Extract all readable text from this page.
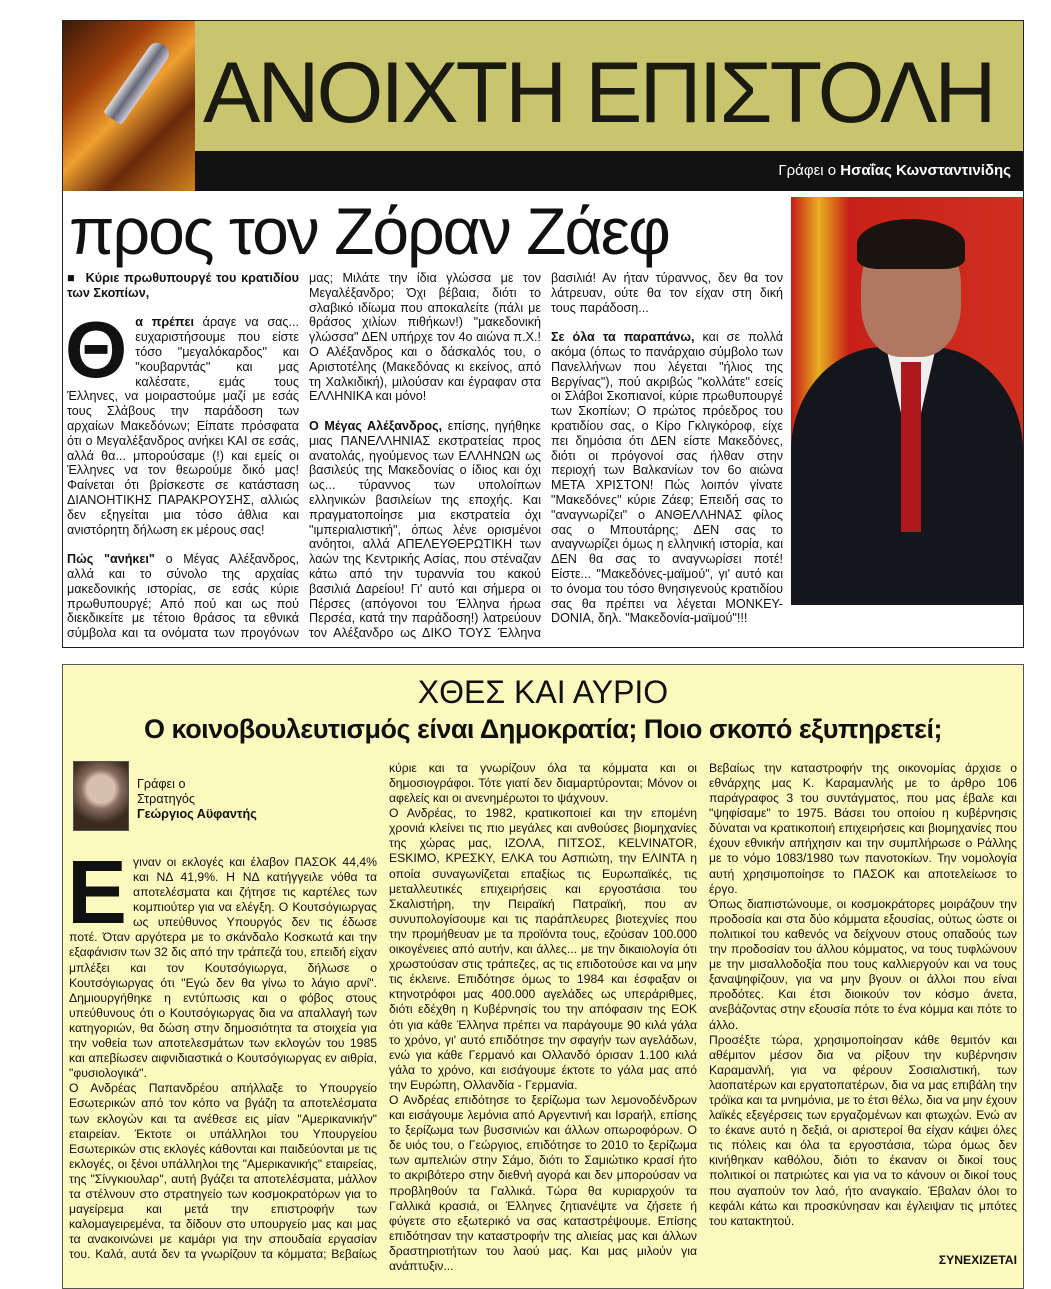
ΑΝΟΙΧΤΗ ΕΠΙΣΤΟΛΗ
Γράφει ο Ησαΐας Κωνσταντινίδης
προς τον Ζόραν Ζάεφ

■  Κύριε πρωθυπουργέ του κρατιδίου των Σκοπίων,

Θα πρέπει άραγε να σας... ευχαριστήσουμε που είστε τόσο "μεγαλόκαρδος" και "κουβαρντάς" και μας καλέσατε, εμάς τους Έλληνες, να μοιραστούμε μαζί με εσάς τους Σλάβους την παράδοση των αρχαίων Μακεδόνων; Είπατε πρόσφατα ότι ο Μεγαλέξανδρος ανήκει ΚΑΙ σε εσάς, αλλά θα... μπορούσαμε (!) και εμείς οι Έλληνες να τον θεωρούμε δικό μας! Φαίνεται ότι βρίσκεστε σε κατάσταση ΔΙΑΝΟΗΤΙΚΗΣ ΠΑΡΑΚΡΟΥΣΗΣ, αλλιώς δεν εξηγείται μια τόσο άθλια και ανιστόρητη δήλωση εκ μέρους σας!

Πώς "ανήκει" ο Μέγας Αλέξανδρος, αλλά και το σύνολο της αρχαίας μακεδονικής ιστορίας, σε εσάς κύριε πρωθυπουργέ; Από πού και ως πού διεκδικείτε με τέτοιο θράσος τα εθνικά σύμβολα και τα ονόματα των προγόνων μας; Μιλάτε την ίδια γλώσσα με τον Μεγαλέξανδρο; Όχι βέβαια, διότι το σλαβικό ιδίωμα που αποκαλείτε (πάλι με θράσος χιλίων πιθήκων!) "μακεδονική γλώσσα" ΔΕΝ υπήρχε τον 4ο αιώνα π.Χ.! Ο Αλέξανδρος και ο δάσκαλός του, ο Αριστοτέλης (Μακεδόνας κι εκείνος, από τη Χαλκιδική), μιλούσαν και έγραφαν στα ΕΛΛΗΝΙΚΑ και μόνο!

Ο Μέγας Αλέξανδρος, επίσης, ηγήθηκε μιας ΠΑΝΕΛΛΗΝΙΑΣ εκστρατείας προς ανατολάς, ηγούμενος των ΕΛΛΗΝΩΝ ως βασιλεύς της Μακεδονίας ο ίδιος και όχι ως... τύραννος των υπολοίπων ελληνικών βασιλείων της εποχής. Και πραγματοποίησε μια εκστρατεία όχι "ιμπεριαλιστική", όπως λένε ορισμένοι ανόητοι, αλλά ΑΠΕΛΕΥΘΕΡΩΤΙΚΗ των λαών της Κεντρικής Ασίας, που στέναζαν κάτω από την τυραννία του κακού βασιλιά Δαρείου! Γι' αυτό και σήμερα οι Πέρσες (απόγονοι του Έλληνα ήρωα Περσέα, κατά την παράδοση!) λατρεύουν τον Αλέξανδρο ως ΔΙΚΟ ΤΟΥΣ Έλληνα βασιλιά! Αν ήταν τύραννος, δεν θα τον λάτρευαν, ούτε θα τον είχαν στη δική τους παράδοση...

Σε όλα τα παραπάνω, και σε πολλά ακόμα (όπως το πανάρχαιο σύμβολο των Πανελλήνων που λέγεται "ήλιος της Βεργίνας"), πού ακριβώς "κολλάτε" εσείς οι Σλάβοι Σκοπιανοί, κύριε πρωθυπουργέ των Σκοπίων; Ο πρώτος πρόεδρος του κρατιδίου σας, ο Κίρο Γκλιγκόροφ, είχε πει δημόσια ότι ΔΕΝ είστε Μακεδόνες, διότι οι πρόγονοί σας ήλθαν στην περιοχή των Βαλκανίων τον 6ο αιώνα ΜΕΤΑ ΧΡΙΣΤΟΝ! Πώς λοιπόν γίνατε "Μακεδόνες" κύριε Ζάεφ; Επειδή σας το "αναγνωρίζει" ο ΑΝΘΕΛΛΗΝΑΣ φίλος σας ο Μπουτάρης; ΔΕΝ σας το αναγνωρίζει όμως η ελληνική ιστορία, και ΔΕΝ θα σας το αναγνωρίσει ποτέ! Είστε... "Μακεδόνες-μαϊμού", γι' αυτό και το όνομα του τόσο θνησιγενούς κρατιδίου σας θα πρέπει να λέγεται MONKEY-DONIA, δηλ. "Μακεδονία-μαϊμού"!!!

ΧΘΕΣ ΚΑΙ ΑΥΡΙΟ
Ο κοινοβουλευτισμός είναι Δημοκρατία; Ποιο σκοπό εξυπηρετεί;
Γράφει ο
Στρατηγός
Γεώργιος Αϋφαντής

Εγιναν οι εκλογές και έλαβον ΠΑΣΟΚ 44,4% και ΝΔ 41,9%. Η ΝΔ κατήγγειλε νόθα τα αποτελέσματα και ζήτησε τις καρτέλες των κομπιούτερ για να ελέγξη. Ο Κουτσόγιωργας ως υπεύθυνος Υπουργός δεν τις έδωσε ποτέ. Όταν αργότερα με το σκάνδαλο Κοσκωτά και την εξαφάνισιν των 32 δις από την τράπεζά του, επειδή είχαν μπλέξει και τον Κουτσόγιωργα, δήλωσε ο Κουτσόγιωργας ότι "Εγώ δεν θα γίνω το λάγιο αρνί". Δημιουργήθηκε η εντύπωσις και ο φόβος στους υπεύθυνους ότι ο Κουτσόγιωργας δια να απαλλαγή των κατηγοριών, θα δώση στην δημοσιότητα τα στοιχεία για την νοθεία των αποτελεσμάτων των εκλογών του 1985 και απεβίωσεν αιφνιδιαστικά ο Κουτσόγιωργας εν αιθρία, "φυσιολογικά".

Ο Ανδρέας Παπανδρέου απήλλαξε το Υπουργείο Εσωτερικών από τον κόπο να βγάζη τα αποτελέσματα των εκλογών και τα ανέθεσε εις μίαν "Αμερικανικήν" εταιρείαν. Έκτοτε οι υπάλληλοι του Υπουργείου Εσωτερικών στις εκλογές κάθονται και παιδεύονται με τις εκλογές, οι ξένοι υπάλληλοι της "Αμερικανικής" εταιρείας, της "Σίνγκιουλαρ", αυτή βγάζει τα αποτελέσματα, μάλλον τα στέλνουν στο στρατηγείο των κοσμοκρατόρων για το μαγείρεμα και μετά την επιστροφήν των καλομαγειρεμένα, τα δίδουν στο υπουργείο μας και μας τα ανακοινώνει με καμάρι για την σπουδαία εργασίαν του. Καλά, αυτά δεν τα γνωρίζουν τα κόμματα; Βεβαίως κύριε και τα γνωρίζουν όλα τα κόμματα και οι δημοσιογράφοι. Τότε γιατί δεν διαμαρτύρονται; Μόνον οι αφελείς και οι ανενημέρωτοι το ψάχνουν.

Ο Ανδρέας, το 1982, κρατικοποιεί και την επομένη χρονιά κλείνει τις πιο μεγάλες και ανθούσες βιομηχανίες της χώρας μας, ΙΖΟΛΑ, ΠΙΤΣΟΣ, KELVINATOR, ESKIMO, ΚΡΕΣΚΥ, ΕΛΚΑ του Ασπιώτη, την ΕΛΙΝΤΑ η οποία συναγωνίζεται επαξίως τις Ευρωπαϊκές, τις μεταλλευτικές επιχειρήσεις και εργοστάσια του Σκαλιστήρη, την Πειραϊκή Πατραϊκή, που αν συνυπολογίσουμε και τις παράπλευρες βιοτεχνίες που την προμήθευαν με τα προϊόντα τους, εζούσαν 100.000 οικογένειες από αυτήν, και άλλες... με την δικαιολογία ότι χρωστούσαν στις τράπεζες, ας τις επιδοτούσε και να μην τις έκλεινε. Επιδότησε όμως το 1984 και έσφαξαν οι κτηνοτρόφοι μας 400.000 αγελάδες ως υπεράριθμες, διότι εδέχθη η Κυβέρνησίς του την απόφασιν της ΕΟΚ ότι για κάθε Έλληνα πρέπει να παράγουμε 90 κιλά γάλα το χρόνο, γι' αυτό επιδότησε την σφαγήν των αγελάδων, ενώ για κάθε Γερμανό και Ολλανδό όρισαν 1.100 κιλά γάλα το χρόνο, και εισάγουμε έκτοτε το γάλα μας από την Ευρώπη, Ολλανδία - Γερμανία.

Ο Ανδρέας επιδότησε το ξερίζωμα των λεμονοδένδρων και εισάγουμε λεμόνια από Αργεντινή και Ισραήλ, επίσης το ξερίζωμα των βυσσινιών και άλλων οπωροφόρων. Ο δε υιός του, ο Γεώργιος, επιδότησε το 2010 το ξερίζωμα των αμπελιών στην Σάμο, διότι το Σαμιώτικο κρασί ήτο το ακριβότερο στην διεθνή αγορά και δεν μπορούσαν να προβληθούν τα Γαλλικά. Τώρα θα κυριαρχούν τα Γαλλικά κρασιά, οι Έλληνες ζητιανέψτε να ζήσετε ή φύγετε στο εξωτερικό να σας καταστρέψουμε. Επίσης επιδότησαν την καταστροφήν της αλιείας μας και άλλων δραστηριοτήτων του λαού μας. Και μας μιλούν για ανάπτυξιν...

Βεβαίως την καταστροφήν της οικονομίας άρχισε ο εθνάρχης μας Κ. Καραμανλής με το άρθρο 106 παράγραφος 3 του συντάγματος, που μας έβαλε και "ψηφίσαμε" το 1975. Βάσει του οποίου η κυβέρνησις δύναται να κρατικοποιή επιχειρήσεις και βιομηχανίες που έχουν εθνικήν απήχησιν και την συμπλήρωσε ο Ράλλης με το νόμο 1083/1980 των πανοτοκίων. Την νομολογία αυτή χρησιμοποίησε το ΠΑΣΟΚ και αποτελείωσε το έργο.

Όπως διαπιστώνουμε, οι κοσμοκράτορες μοιράζουν την προδοσία και στα δύο κόμματα εξουσίας, ούτως ώστε οι πολιτικοί του καθενός να δείχνουν στους οπαδούς των την προδοσίαν του άλλου κόμματος, να τους τυφλώνουν με την μισαλλοδοξία που τους καλλιεργούν και να τους ξαναψηφίζουν, για να μην βγουν οι άλλοι που είναι προδότες. Και έτσι διοικούν τον κόσμο άνετα, ανεβάζοντας στην εξουσία πότε το ένα κόμμα και πότε το άλλο.

Προσέξτε τώρα, χρησιμοποίησαν κάθε θεμιτόν και αθέμιτον μέσον δια να ρίξουν την κυβέρνησιν Καραμανλή, για να φέρουν Σοσιαλιστική, των λαοπατέρων και εργατοπατέρων, δια να μας επιβάλη την τρόϊκα και τα μνημόνια, με το έτσι θέλω, δια να μην έχουν λαϊκές εξεγέρσεις των εργαζομένων και φτωχών. Ενώ αν το έκανε αυτό η δεξιά, οι αριστεροί θα είχαν κάψει όλες τις πόλεις και όλα τα εργοστάσια, τώρα όμως δεν κινήθηκαν καθόλου, διότι το έκαναν οι δικοί τους πολιτικοί οι πατριώτες και για να το κάνουν οι δικοί τους που αγαπούν τον λαό, ήτο αναγκαίο. Έβαλαν όλοι το κεφάλι κάτω και προσκύνησαν και έγλειψαν τις μπότες του κατακτητού.

ΣΥΝΕΧΙΖΕΤΑΙ
